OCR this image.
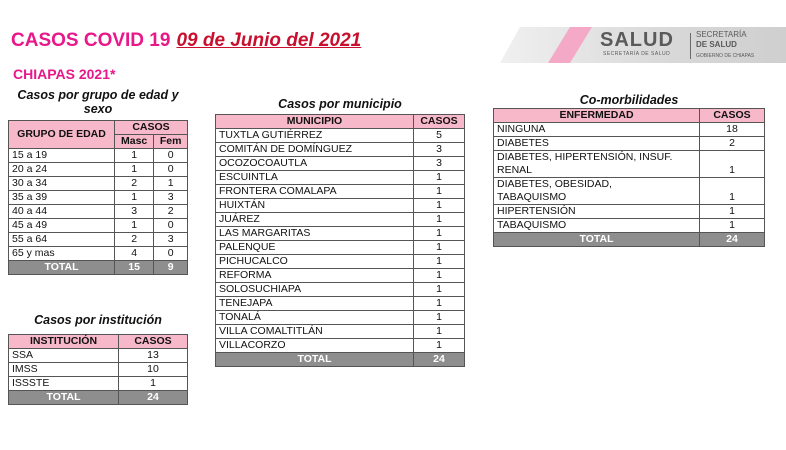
CASOS COVID 19 09 de Junio del 2021
CHIAPAS 2021*
SALUD
SECRETARÍA DE SALUD
SECRETARÍA
DE SALUD
GOBIERNO DE CHIAPAS
Casos por grupo de edad y sexo
GRUPO DE EDAD	CASOS	
	Masc	Fem
15 a 19	1	0
20 a 24	1	0
30 a 34	2	1
35 a 39	1	3
40 a 44	3	2
45 a 49	1	0
55 a 64	2	3
65 y mas	4	0
TOTAL	15	9
Casos por institución
INSTITUCIÓN	CASOS
SSA	13
IMSS	10
ISSSTE	1
TOTAL	24
Casos por municipio
MUNICIPIO	CASOS
TUXTLA GUTIÉRREZ	5
COMITÁN DE DOMÍNGUEZ	3
OCOZOCOAUTLA	3
ESCUINTLA	1
FRONTERA COMALAPA	1
HUIXTÁN	1
JUÁREZ	1
LAS MARGARITAS	1
PALENQUE	1
PICHUCALCO	1
REFORMA	1
SOLOSUCHIAPA	1
TENEJAPA	1
TONALÁ	1
VILLA COMALTITLÁN	1
VILLACORZO	1
TOTAL	24
Co-morbilidades
ENFERMEDAD	CASOS

NINGUNA	18

DIABETES	2

DIABETES, HIPERTENSIÓN, INSUF.
RENAL	1

DIABETES, OBESIDAD,
TABAQUISMO	1

HIPERTENSIÓN	1

TABAQUISMO	1
TOTAL	24
